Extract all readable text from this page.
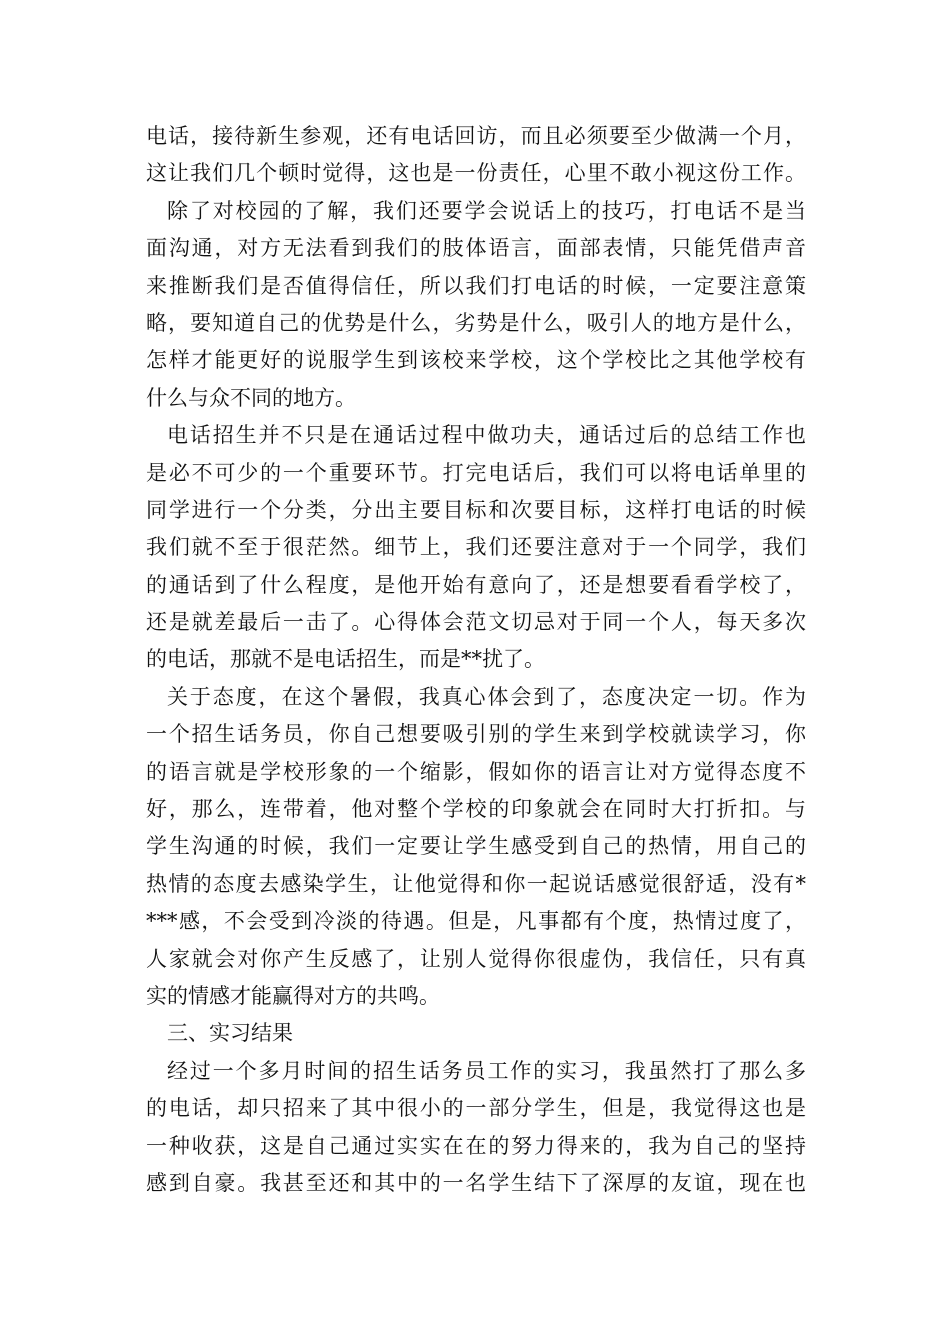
电话，接待新生参观，还有电话回访，而且必须要至少做满一个月，
这让我们几个顿时觉得，这也是一份责任，心里不敢小视这份工作。
除了对校园的了解，我们还要学会说话上的技巧，打电话不是当
面沟通，对方无法看到我们的肢体语言，面部表情，只能凭借声音
来推断我们是否值得信任，所以我们打电话的时候，一定要注意策
略，要知道自己的优势是什么，劣势是什么，吸引人的地方是什么，
怎样才能更好的说服学生到该校来学校，这个学校比之其他学校有
什么与众不同的地方。
电话招生并不只是在通话过程中做功夫，通话过后的总结工作也
是必不可少的一个重要环节。打完电话后，我们可以将电话单里的
同学进行一个分类，分出主要目标和次要目标，这样打电话的时候
我们就不至于很茫然。细节上，我们还要注意对于一个同学，我们
的通话到了什么程度，是他开始有意向了，还是想要看看学校了，
还是就差最后一击了。心得体会范文切忌对于同一个人，每天多次
的电话，那就不是电话招生，而是**扰了。
关于态度，在这个暑假，我真心体会到了，态度决定一切。作为
一个招生话务员，你自己想要吸引别的学生来到学校就读学习，你
的语言就是学校形象的一个缩影，假如你的语言让对方觉得态度不
好，那么，连带着，他对整个学校的印象就会在同时大打折扣。与
学生沟通的时候，我们一定要让学生感受到自己的热情，用自己的
热情的态度去感染学生，让他觉得和你一起说话感觉很舒适，没有*
***感，不会受到冷淡的待遇。但是，凡事都有个度，热情过度了，
人家就会对你产生反感了，让别人觉得你很虚伪，我信任，只有真
实的情感才能赢得对方的共鸣。
三、实习结果
经过一个多月时间的招生话务员工作的实习，我虽然打了那么多
的电话，却只招来了其中很小的一部分学生，但是，我觉得这也是
一种收获，这是自己通过实实在在的努力得来的，我为自己的坚持
感到自豪。我甚至还和其中的一名学生结下了深厚的友谊，现在也
